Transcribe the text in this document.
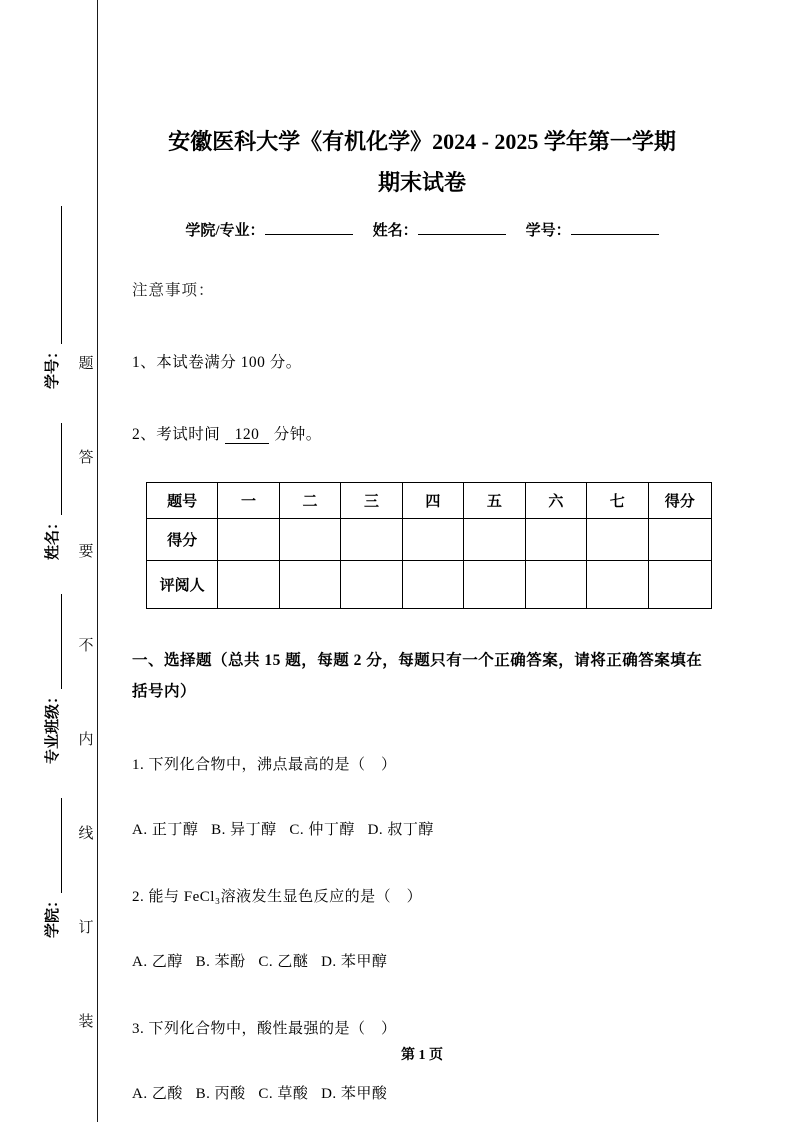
学院：
专业班级：
姓名：
学号： 题
答
要
不
内
线
订
装
安徽医科大学《有机化学》2024 - 2025 学年第一学期
期末试卷
学院/专业：	姓名：	学号：

注意事项：

1、本试卷满分 100 分。

2、考试时间 120 分钟。

题号	一	二	三	四	五	六	七	得分
得分								
评阅人								

一、选择题（总共 15 题，每题 2 分，每题只有一个正确答案，请将正确答案填在括号内）

1. 下列化合物中，沸点最高的是（　）

A. 正丁醇   B. 异丁醇   C. 仲丁醇   D. 叔丁醇

2. 能与 FeCl₃溶液发生显色反应的是（　）

A. 乙醇   B. 苯酚   C. 乙醚   D. 苯甲醇

3. 下列化合物中，酸性最强的是（　）

A. 乙酸   B. 丙酸   C. 草酸   D. 苯甲酸

第 1 页
